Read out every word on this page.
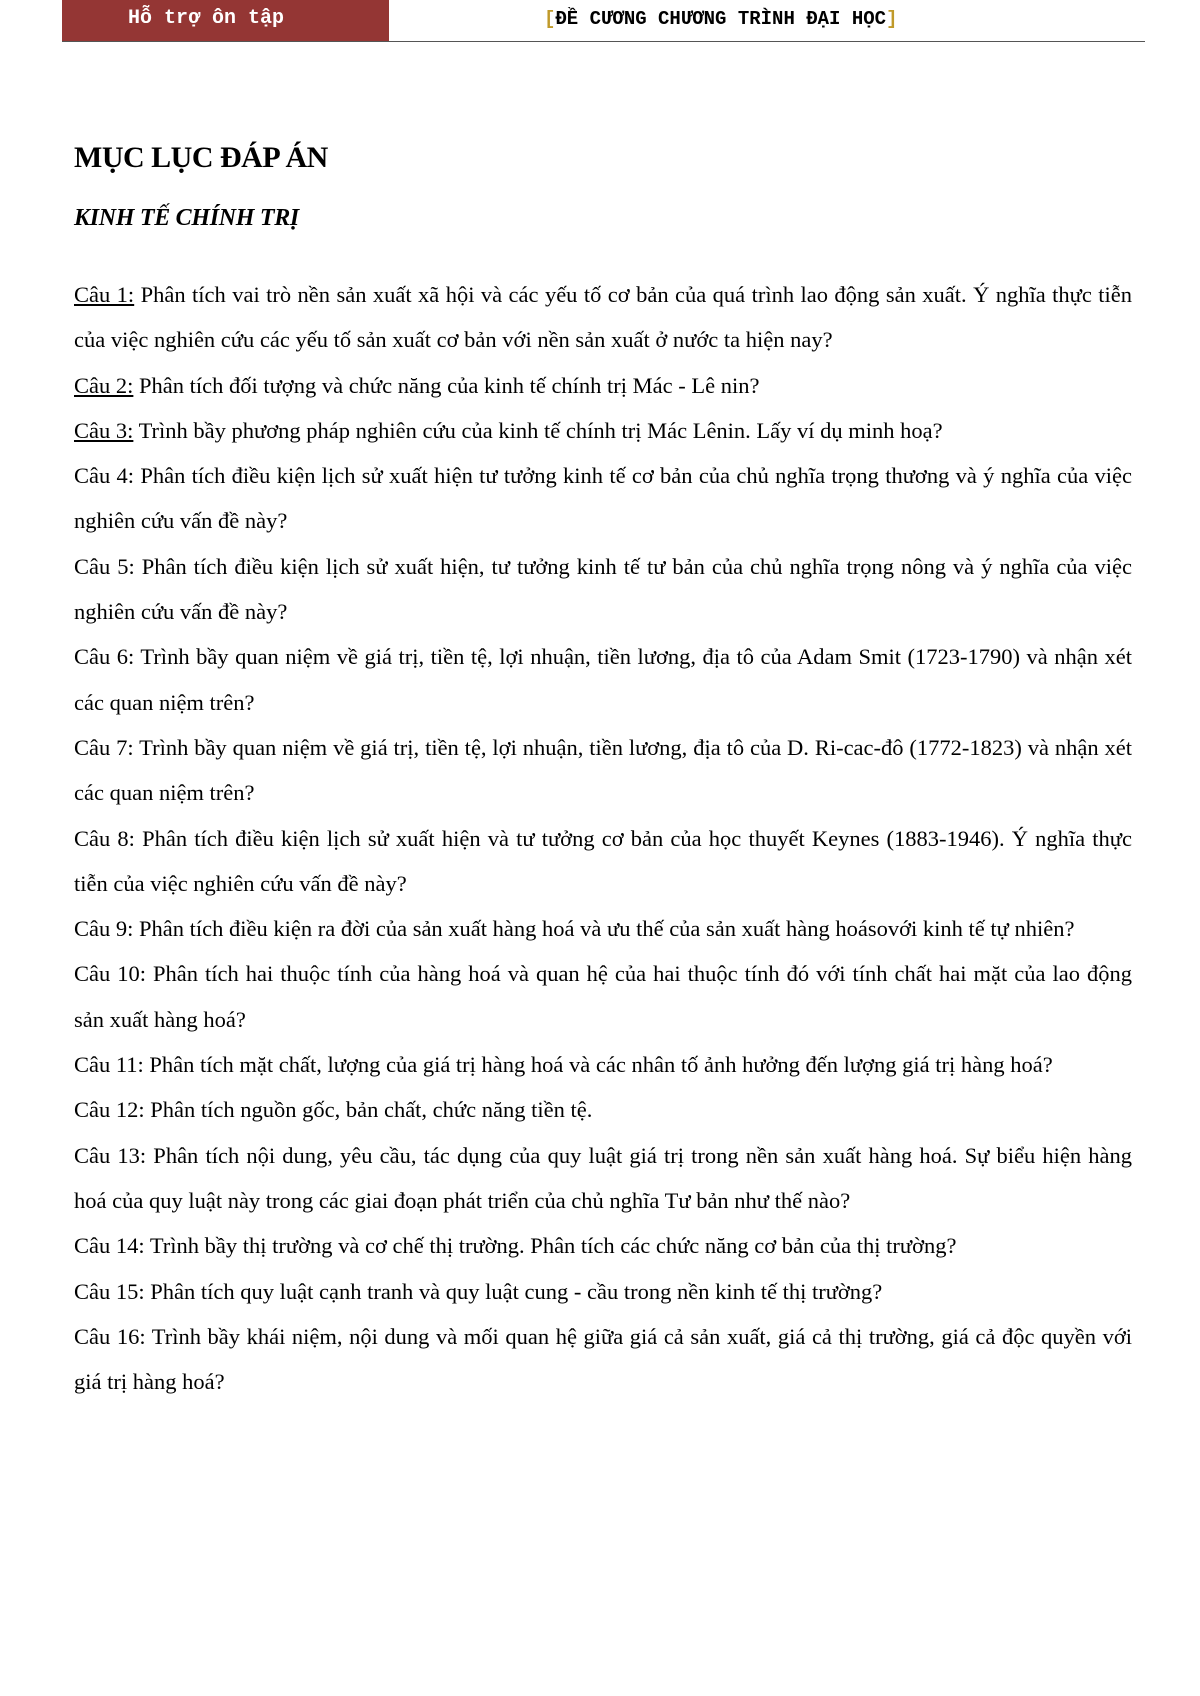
Hỗ trợ ôn tập	[ĐỀ CƯƠNG CHƯƠNG TRÌNH ĐẠI HỌC]
MỤC LỤC ĐÁP ÁN
KINH TẾ CHÍNH TRỊ
Câu 1: Phân tích vai trò nền sản xuất xã hội và các yếu tố cơ bản của quá trình lao động sản xuất. Ý nghĩa thực tiễn của việc nghiên cứu các yếu tố sản xuất cơ bản với nền sản xuất ở nước ta hiện nay?
Câu 2: Phân tích đối tượng và chức năng của kinh tế chính trị Mác - Lê nin?
Câu 3: Trình bầy phương pháp nghiên cứu của kinh tế chính trị Mác Lênin. Lấy ví dụ minh hoạ?
Câu 4: Phân tích điều kiện lịch sử xuất hiện tư tưởng kinh tế cơ bản của chủ nghĩa trọng thương và ý nghĩa của việc nghiên cứu vấn đề này?
Câu 5: Phân tích điều kiện lịch sử xuất hiện, tư tưởng kinh tế tư bản của chủ nghĩa trọng nông và ý nghĩa của việc nghiên cứu vấn đề này?
Câu 6: Trình bầy quan niệm về giá trị, tiền tệ, lợi nhuận, tiền lương, địa tô của Adam Smit (1723-1790) và nhận xét các quan niệm trên?
Câu 7: Trình bầy quan niệm về giá trị, tiền tệ, lợi nhuận, tiền lương, địa tô của D. Ri-cac-đô (1772-1823) và nhận xét các quan niệm trên?
Câu 8: Phân tích điều kiện lịch sử xuất hiện và tư tưởng cơ bản của học thuyết Keynes (1883-1946). Ý nghĩa thực tiễn của việc nghiên cứu vấn đề này?
Câu 9: Phân tích điều kiện ra đời của sản xuất hàng hoá và ưu thế của sản xuất hàng hoásovới kinh tế tự nhiên?
Câu 10: Phân tích hai thuộc tính của hàng hoá và quan hệ của hai thuộc tính đó với tính chất hai mặt của lao động sản xuất hàng hoá?
Câu 11: Phân tích mặt chất, lượng của giá trị hàng hoá và các nhân tố ảnh hưởng đến lượng giá trị hàng hoá?
Câu 12: Phân tích nguồn gốc, bản chất, chức năng tiền tệ.
Câu 13: Phân tích nội dung, yêu cầu, tác dụng của quy luật giá trị trong nền sản xuất hàng hoá. Sự biểu hiện hàng hoá của quy luật này trong các giai đoạn phát triển của chủ nghĩa Tư bản như thế nào?
Câu 14: Trình bầy thị trường và cơ chế thị trường. Phân tích các chức năng cơ bản của thị trường?
Câu 15: Phân tích quy luật cạnh tranh và quy luật cung - cầu trong nền kinh tế thị trường?
Câu 16: Trình bầy khái niệm, nội dung và mối quan hệ giữa giá cả sản xuất, giá cả thị trường, giá cả độc quyền với giá trị hàng hoá?
